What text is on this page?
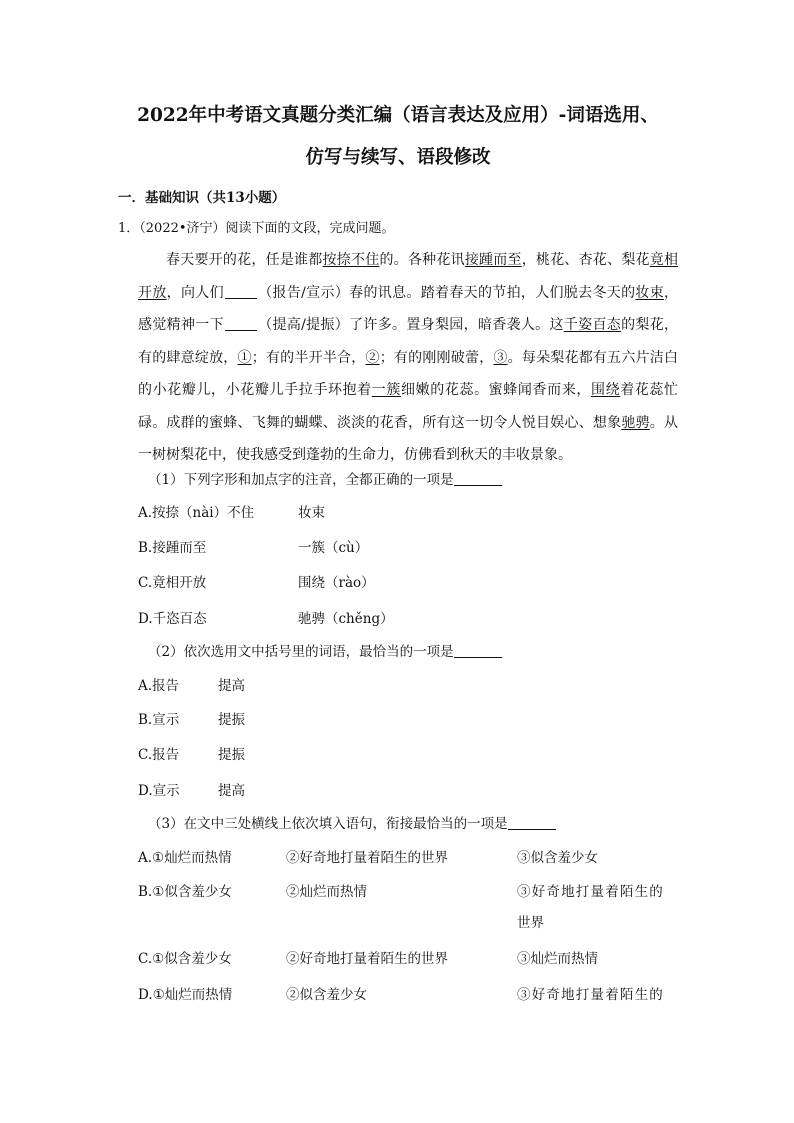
2022年中考语文真题分类汇编（语言表达及应用）-词语选用、
仿写与续写、语段修改
一．基础知识（共13小题）
1．（2022•济宁）阅读下面的文段，完成问题。
春天要开的花，任是谁都按捺不住的。各种花讯接踵而至，桃花、杏花、梨花竟相开放，向人们 （报告/宣示）春的讯息。踏着春天的节拍，人们脱去冬天的妆束，感觉精神一下 （提高/提振）了许多。置身梨园，暗香袭人。这千姿百态的梨花，有的肆意绽放，①；有的半开半合，②；有的刚刚破蕾，③。每朵梨花都有五六片洁白的小花瓣儿，小花瓣儿手拉手环抱着一簇细嫩的花蕊。蜜蜂闻香而来，围绕着花蕊忙碌。成群的蜜蜂、飞舞的蝴蝶、淡淡的花香，所有这一切令人悦目娱心、想象驰骋。从一树树梨花中，使我感受到蓬勃的生命力，仿佛看到秋天的丰收景象。
（1）下列字形和加点字的注音，全都正确的一项是
A.按捺（nài）不住	妆束
B.接踵而至	一簇（cù）
C.竟相开放	围绕（rào）
D.千恣百态	驰骋（chěng）
（2）依次选用文中括号里的词语，最恰当的一项是
A.报告	提高
B.宣示	提振
C.报告	提振
D.宣示	提高
（3）在文中三处横线上依次填入语句，衔接最恰当的一项是
A.①灿烂而热情	②好奇地打量着陌生的世界	③似含羞少女
B.①似含羞少女	②灿烂而热情	③好奇地打量着陌生的
世界
C.①似含羞少女	②好奇地打量着陌生的世界	③灿烂而热情
D.①灿烂而热情	②似含羞少女	③好奇地打量着陌生的
